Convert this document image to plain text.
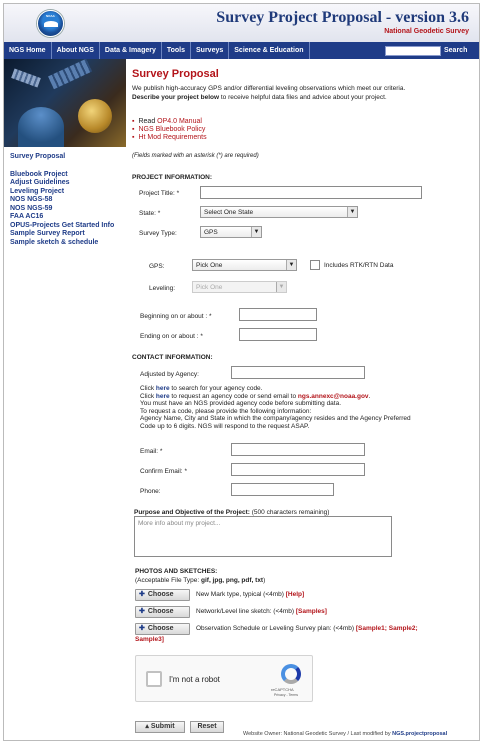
NOAA	Survey Project Proposal - version 3.6
National Geodetic Survey
NGS Home	About NGS	Data & Imagery	Tools	Surveys	Science & Education	Search
Survey Proposal
Bluebook Project
Adjust Guidelines
Leveling Project
NOS NGS-58
NOS NGS-59
FAA AC16
OPUS-Projects Get Started Info
Sample Survey Report
Sample sketch & schedule
Survey Proposal
We publish high-accuracy GPS and/or differential leveling observations which meet our criteria.
Describe your project below to receive helpful data files and advice about your project.
▪ Read OP4.0 Manual
▪ NGS Bluebook Policy
▪ Ht Mod Requirements
(Fields marked with an asterisk (*) are required)
PROJECT INFORMATION:
Project Title: *
State: *	Select One State	▼
Survey Type:	GPS	▼
GPS:	Pick One	▼	Includes RTK/RTN Data
Leveling:	Pick One	▼
Beginning on or about : *
Ending on or about : *
CONTACT INFORMATION:
Adjusted by Agency:
Click here to search for your agency code.
Click here to request an agency code or send email to ngs.annexc@noaa.gov.
You must have an NGS provided agency code before submitting data.
To request a code, please provide the following information:
Agency Name, City and State in which the company/agency resides and the Agency Preferred
Code up to 6 digits. NGS will respond to the request ASAP.
Email: *
Confirm Email: *
Phone:
Purpose and Objective of the Project: (500 characters remaining)
More info about my project...
PHOTOS AND SKETCHES:
(Acceptable File Type: gif, jpg, png, pdf, txt)
✚ Choose	New Mark type, typical (<4mb) [Help]
✚ Choose	Network/Level line sketch: (<4mb) [Samples]
✚ Choose	Observation Schedule or Leveling Survey plan: (<4mb) [Sample1; Sample2;
Sample3]
I'm not a robot
reCAPTCHA
Privacy - Terms
▴ Submit	Reset
Website Owner: National Geodetic Survey / Last modified by NGS.projectproposal
